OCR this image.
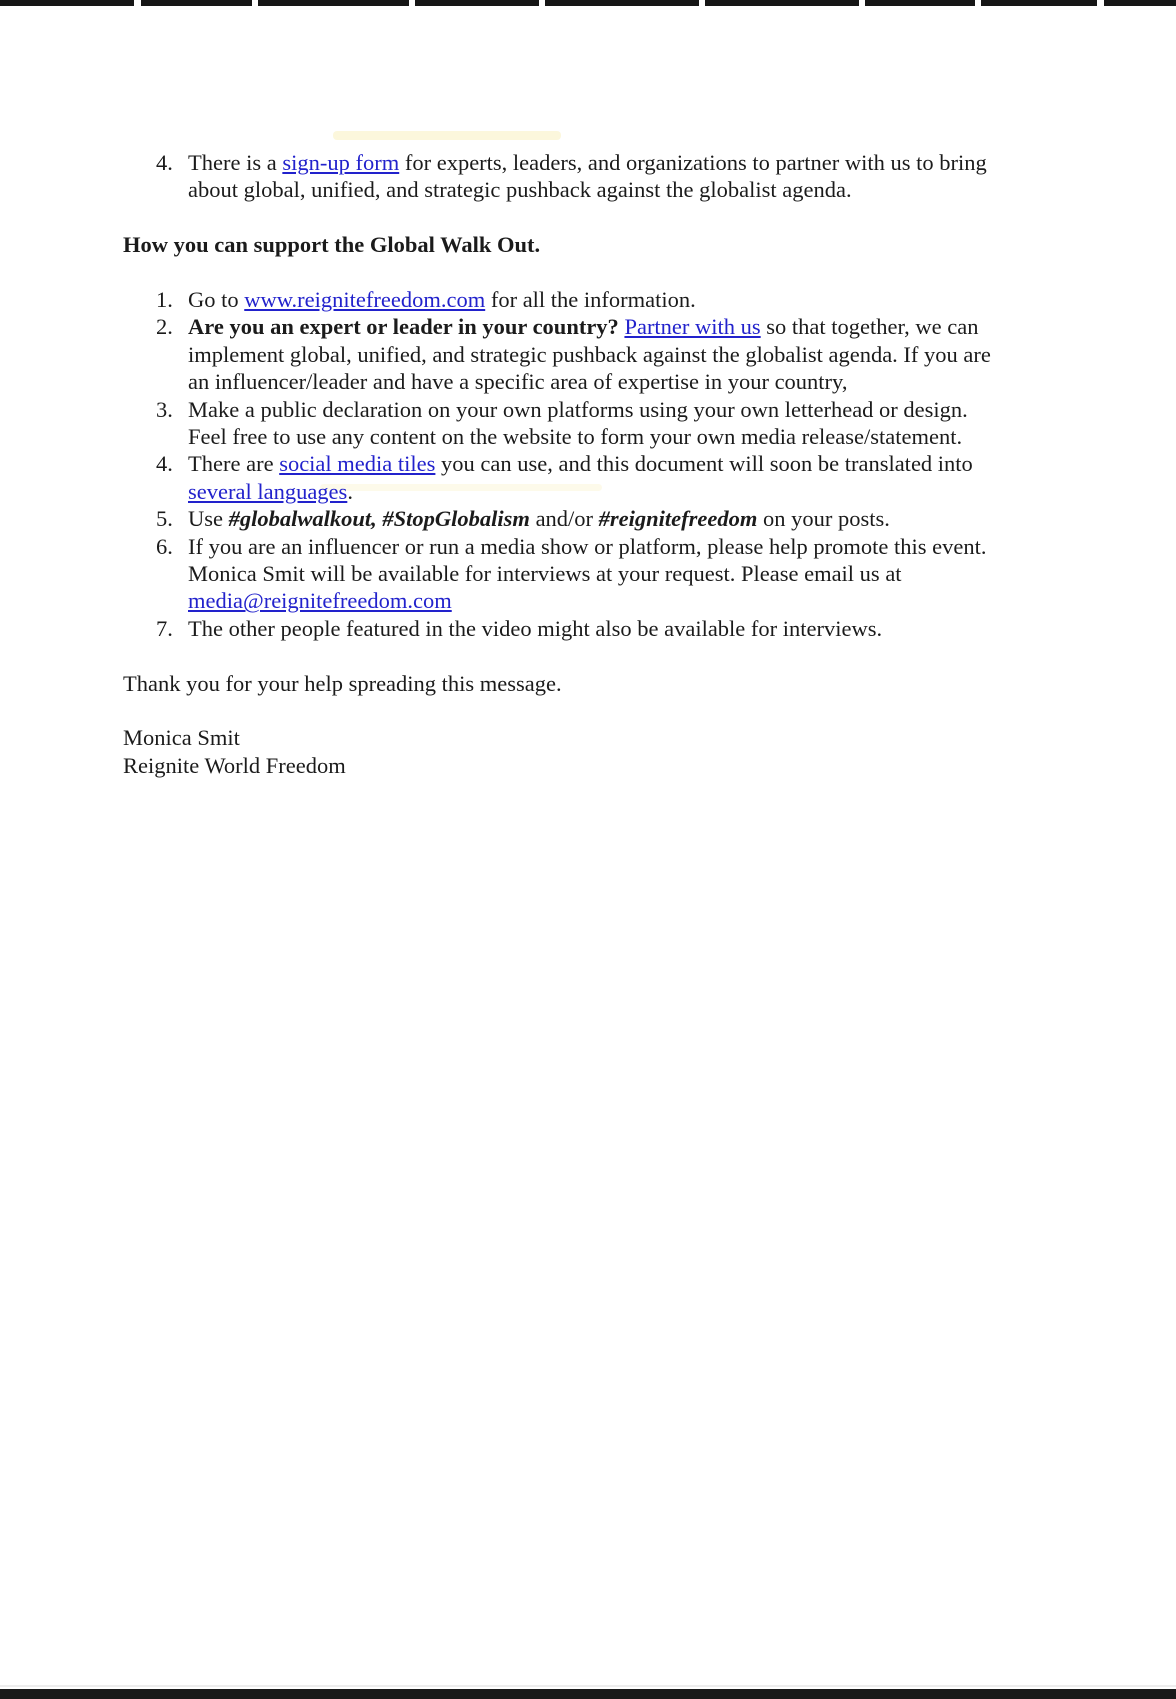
4. There is a sign-up form for experts, leaders, and organizations to partner with us to bring about global, unified, and strategic pushback against the globalist agenda.
How you can support the Global Walk Out.
1. Go to www.reignitefreedom.com for all the information.
2. Are you an expert or leader in your country? Partner with us so that together, we can implement global, unified, and strategic pushback against the globalist agenda. If you are an influencer/leader and have a specific area of expertise in your country,
3. Make a public declaration on your own platforms using your own letterhead or design. Feel free to use any content on the website to form your own media release/statement.
4. There are social media tiles you can use, and this document will soon be translated into several languages.
5. Use #globalwalkout, #StopGlobalism and/or #reignitefreedom on your posts.
6. If you are an influencer or run a media show or platform, please help promote this event. Monica Smit will be available for interviews at your request. Please email us at media@reignitefreedom.com
7. The other people featured in the video might also be available for interviews.
Thank you for your help spreading this message.
Monica Smit
Reignite World Freedom
